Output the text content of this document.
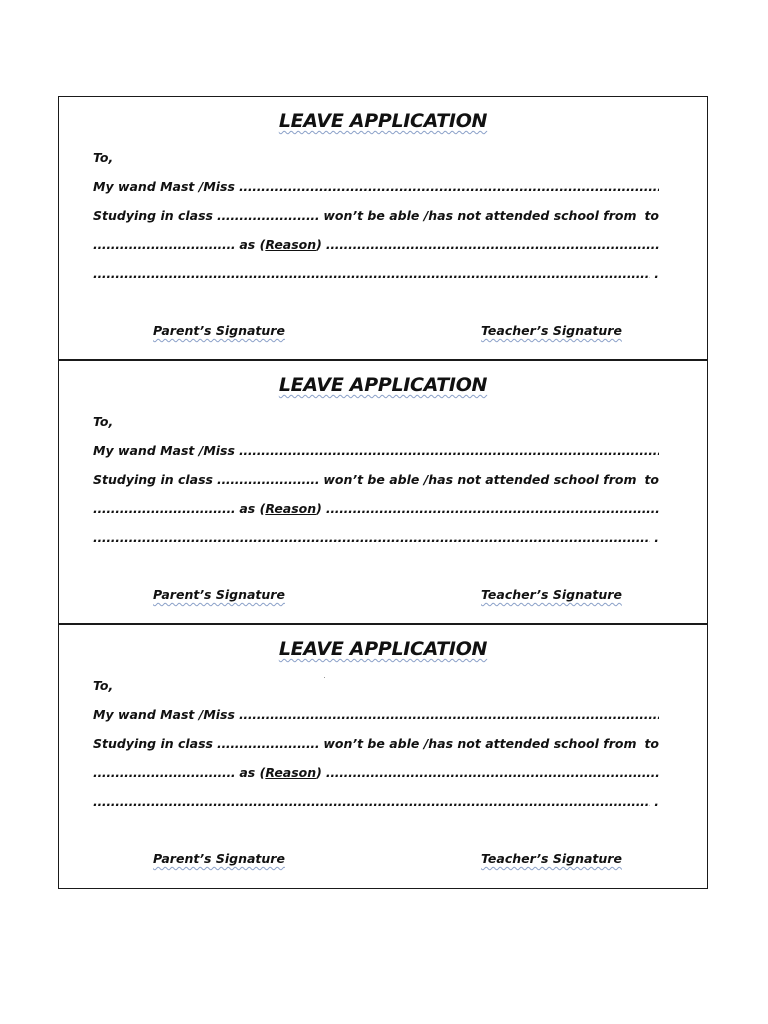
LEAVE APPLICATION
To,
My wand Mast /Miss
.....
Studying in class .....	won’t be able /has not attended school from to
.....
as ( Reason )
.....
.....
.
Parent’s Signature	Teacher’s Signature
LEAVE APPLICATION
To,
My wand Mast /Miss
.....
Studying in class .....	won’t be able /has not attended school from to
.....
as ( Reason )
.....
.....
.
Parent’s Signature	Teacher’s Signature
LEAVE APPLICATION
To,
My wand Mast /Miss
.....
Studying in class .....	won’t be able /has not attended school from to
.....
as ( Reason )
.....
.....
.
Parent’s Signature	Teacher’s Signature
